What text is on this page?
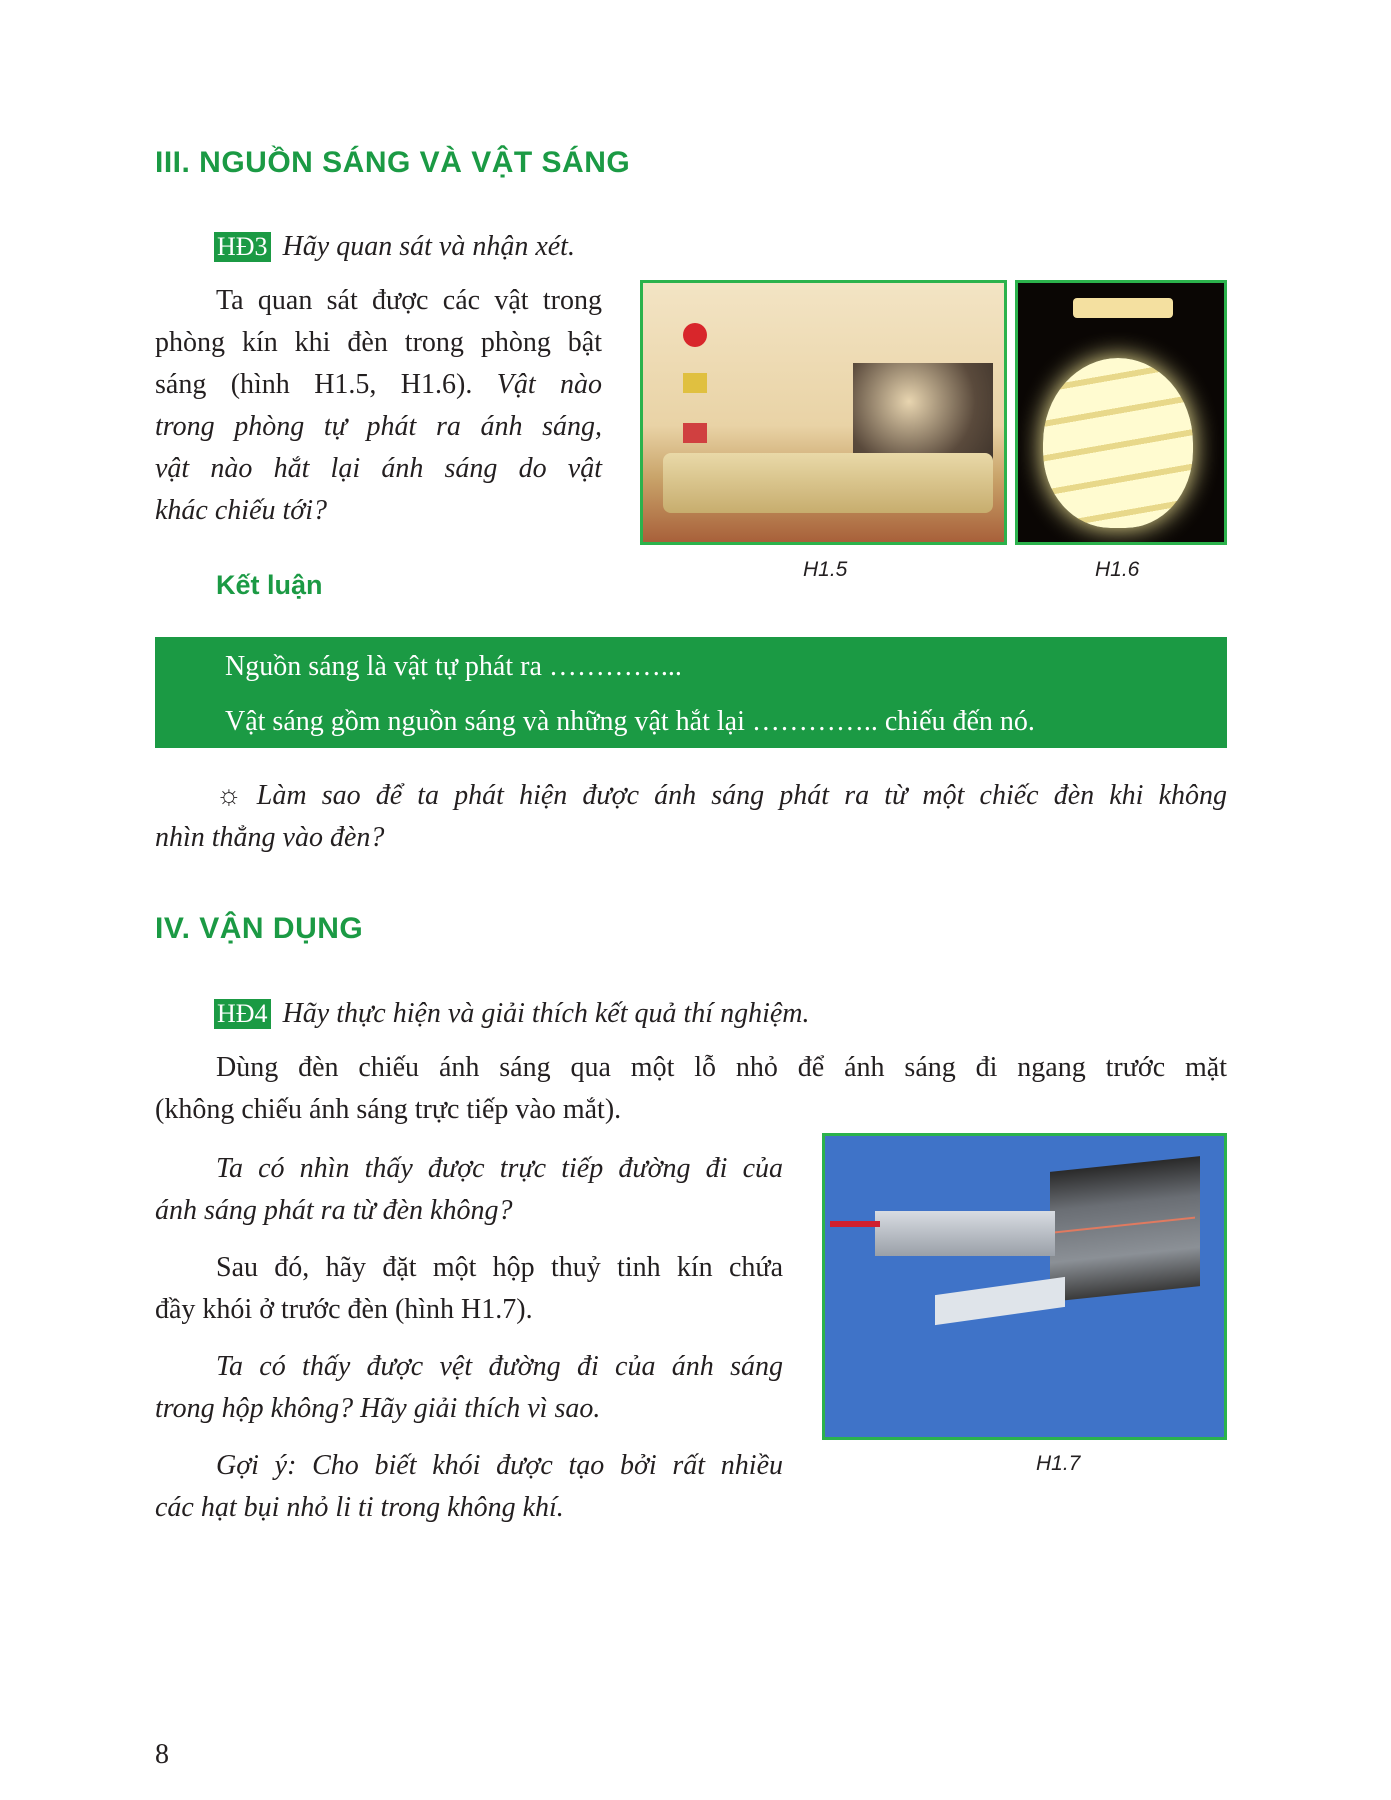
III. NGUỒN SÁNG VÀ VẬT SÁNG
HĐ3 Hãy quan sát và nhận xét.
Ta quan sát được các vật trong
phòng kín khi đèn trong phòng bật
sáng (hình H1.5, H1.6). Vật nào
trong phòng tự phát ra ánh sáng,
vật nào hắt lại ánh sáng do vật
khác chiếu tới?
H1.5	H1.6
Kết luận
Nguồn sáng là vật tự phát ra …………...
Vật sáng gồm nguồn sáng và những vật hắt lại ………….. chiếu đến nó.
☼ Làm sao để ta phát hiện được ánh sáng phát ra từ một chiếc đèn khi không
nhìn thẳng vào đèn?
IV. VẬN DỤNG
HĐ4 Hãy thực hiện và giải thích kết quả thí nghiệm.
Dùng đèn chiếu ánh sáng qua một lỗ nhỏ để ánh sáng đi ngang trước mặt
(không chiếu ánh sáng trực tiếp vào mắt).
Ta có nhìn thấy được trực tiếp đường đi của
ánh sáng phát ra từ đèn không?
Sau đó, hãy đặt một hộp thuỷ tinh kín chứa
đầy khói ở trước đèn (hình H1.7).
Ta có thấy được vệt đường đi của ánh sáng
trong hộp không? Hãy giải thích vì sao.
Gợi ý: Cho biết khói được tạo bởi rất nhiều
các hạt bụi nhỏ li ti trong không khí.
H1.7
8
